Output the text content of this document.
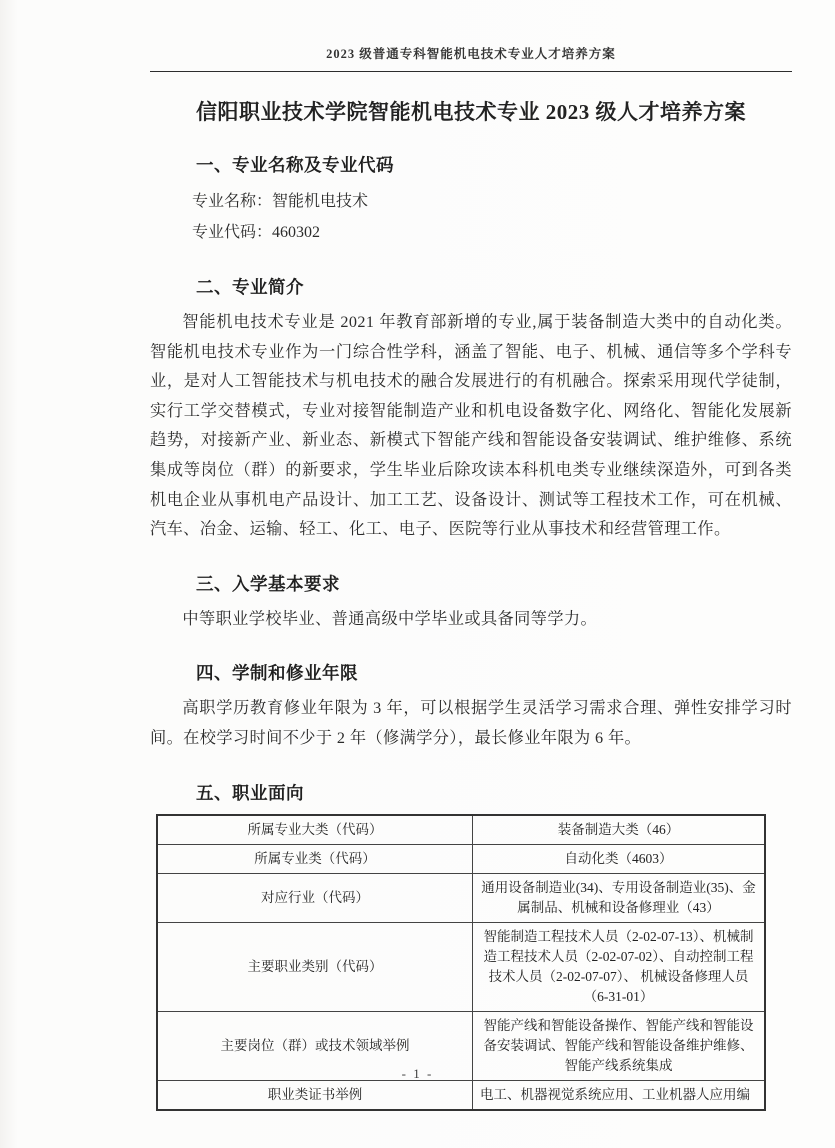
2023 级普通专科智能机电技术专业人才培养方案
信阳职业技术学院智能机电技术专业 2023 级人才培养方案
一、专业名称及专业代码

专业名称：智能机电技术

专业代码：460302

二、专业简介

智能机电技术专业是 2021 年教育部新增的专业,属于装备制造大类中的自动化类。智能机电技术专业作为一门综合性学科，涵盖了智能、电子、机械、通信等多个学科专业，是对人工智能技术与机电技术的融合发展进行的有机融合。探索采用现代学徒制，实行工学交替模式，专业对接智能制造产业和机电设备数字化、网络化、智能化发展新趋势，对接新产业、新业态、新模式下智能产线和智能设备安装调试、维护维修、系统集成等岗位（群）的新要求，学生毕业后除攻读本科机电类专业继续深造外，可到各类机电企业从事机电产品设计、加工工艺、设备设计、测试等工程技术工作，可在机械、汽车、冶金、运输、轻工、化工、电子、医院等行业从事技术和经营管理工作。

三、入学基本要求

中等职业学校毕业、普通高级中学毕业或具备同等学力。

四、学制和修业年限

高职学历教育修业年限为 3 年，可以根据学生灵活学习需求合理、弹性安排学习时间。在校学习时间不少于 2 年（修满学分），最长修业年限为 6 年。

五、职业面向
所属专业大类（代码）	装备制造大类（46）
所属专业类（代码）	自动化类（4603）
对应行业（代码）	通用设备制造业(34)、专用设备制造业(35)、金属制品、机械和设备修理业（43）
主要职业类别（代码）	智能制造工程技术人员（2-02-07-13）、机械制造工程技术人员（2-02-07-02）、自动控制工程技术人员（2-02-07-07）、 机械设备修理人员（6-31-01）
主要岗位（群）或技术领域举例	智能产线和智能设备操作、智能产线和智能设备安装调试、智能产线和智能设备维护维修、智能产线系统集成
职业类证书举例	电工、机器视觉系统应用、工业机器人应用编
- 1 -
